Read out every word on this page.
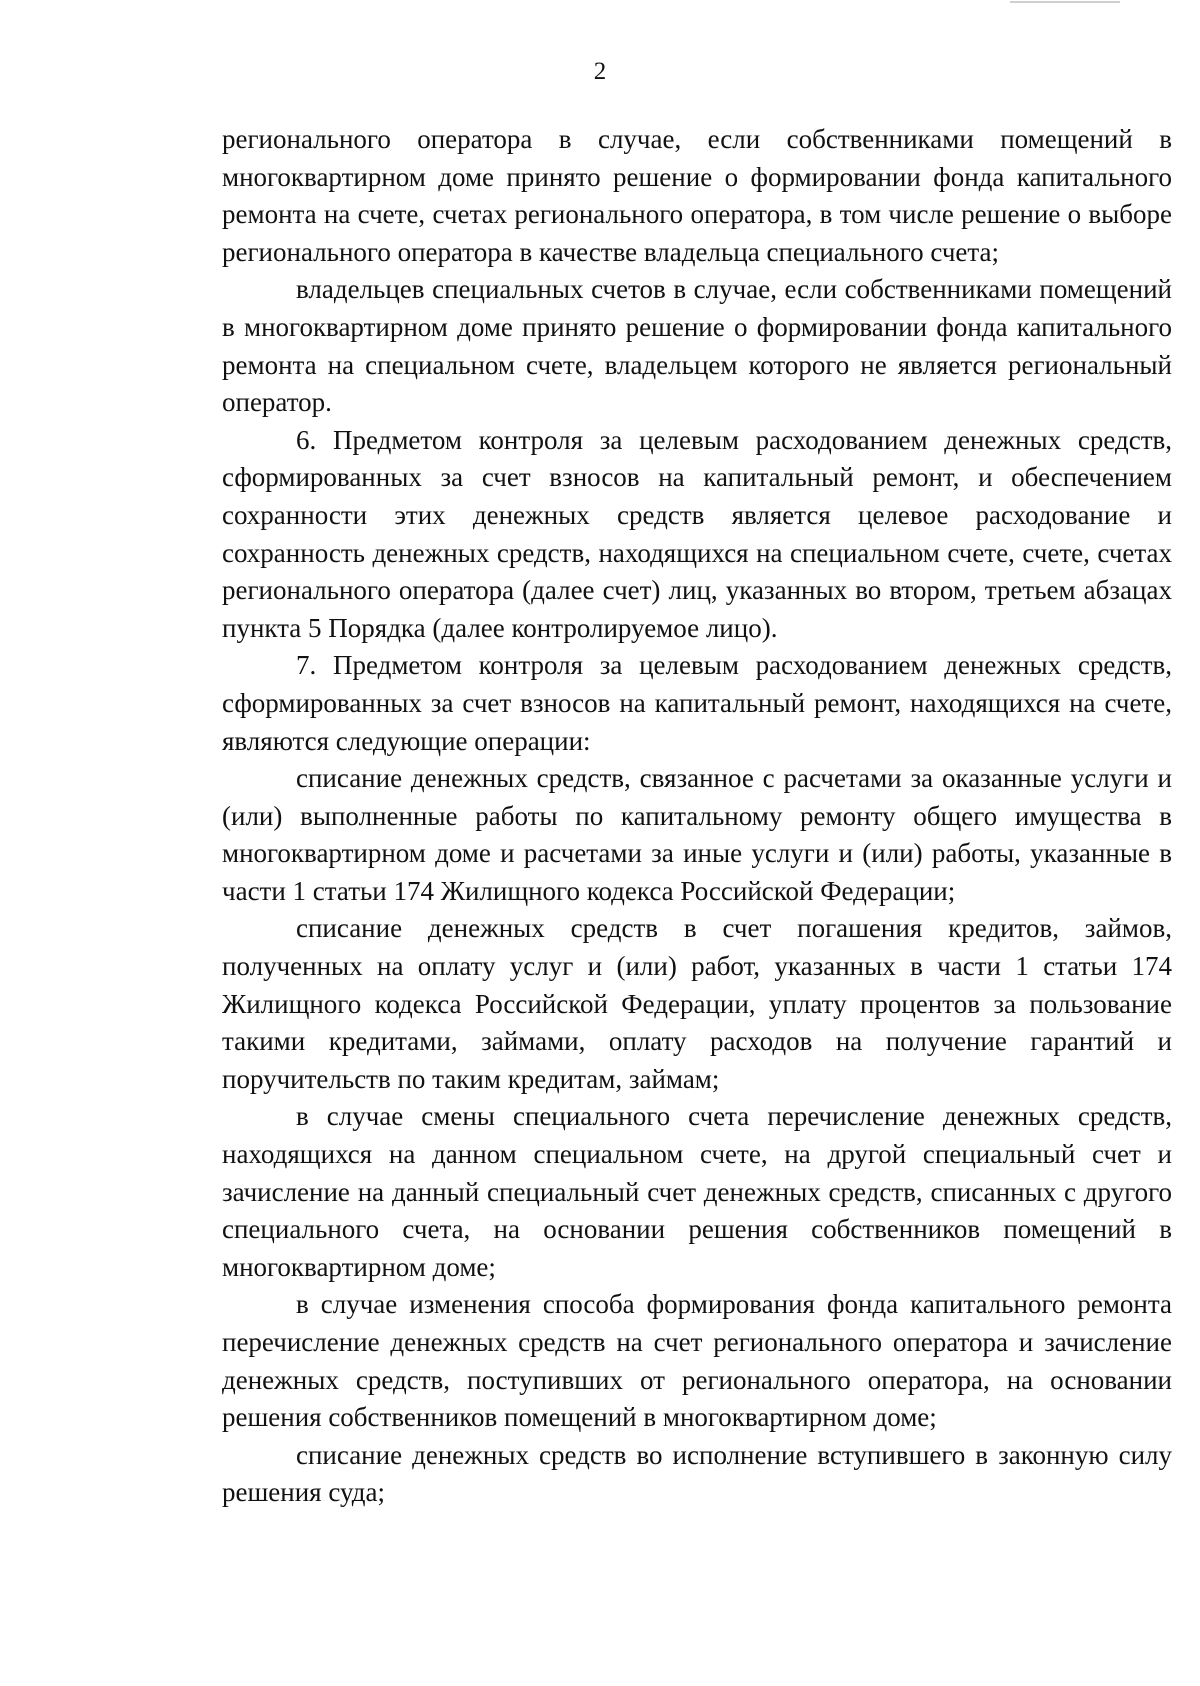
2

регионального оператора в случае, если собственниками помещений в многоквартирном доме принято решение о формировании фонда капитального ремонта на счете, счетах регионального оператора, в том числе решение о выборе регионального оператора в качестве владельца специального счета;

владельцев специальных счетов в случае, если собственниками помещений в многоквартирном доме принято решение о формировании фонда капитального ремонта на специальном счете, владельцем которого не является региональный оператор.

6. Предметом контроля за целевым расходованием денежных средств, сформированных за счет взносов на капитальный ремонт, и обеспечением сохранности этих денежных средств является целевое расходование и сохранность денежных средств, находящихся на специальном счете, счете, счетах регионального оператора (далее счет) лиц, указанных во втором, третьем абзацах пункта 5 Порядка (далее контролируемое лицо).

7. Предметом контроля за целевым расходованием денежных средств, сформированных за счет взносов на капитальный ремонт, находящихся на счете, являются следующие операции:

списание денежных средств, связанное с расчетами за оказанные услуги и (или) выполненные работы по капитальному ремонту общего имущества в многоквартирном доме и расчетами за иные услуги и (или) работы, указанные в части 1 статьи 174 Жилищного кодекса Российской Федерации;

списание денежных средств в счет погашения кредитов, займов, полученных на оплату услуг и (или) работ, указанных в части 1 статьи 174 Жилищного кодекса Российской Федерации, уплату процентов за пользование такими кредитами, займами, оплату расходов на получение гарантий и поручительств по таким кредитам, займам;

в случае смены специального счета перечисление денежных средств, находящихся на данном специальном счете, на другой специальный счет и зачисление на данный специальный счет денежных средств, списанных с другого специального счета, на основании решения собственников помещений в многоквартирном доме;

в случае изменения способа формирования фонда капитального ремонта перечисление денежных средств на счет регионального оператора и зачисление денежных средств, поступивших от регионального оператора, на основании решения собственников помещений в многоквартирном доме;

списание денежных средств во исполнение вступившего в законную силу решения суда;
